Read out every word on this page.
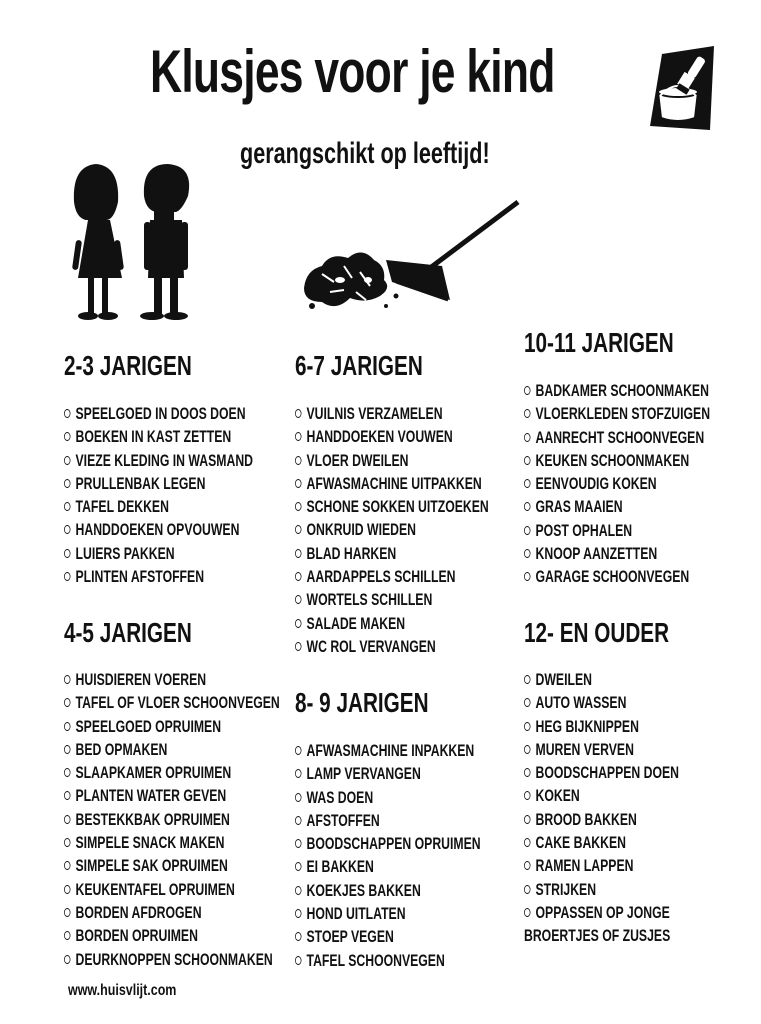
Klusjes voor je kind
gerangschikt op leeftijd!
2-3 JARIGEN
SPEELGOED IN DOOS DOEN
BOEKEN IN KAST ZETTEN
VIEZE KLEDING IN WASMAND
PRULLENBAK LEGEN
TAFEL DEKKEN
HANDDOEKEN OPVOUWEN
LUIERS PAKKEN
PLINTEN AFSTOFFEN
4-5 JARIGEN
HUISDIEREN VOEREN
TAFEL OF VLOER SCHOONVEGEN
SPEELGOED OPRUIMEN
BED OPMAKEN
SLAAPKAMER OPRUIMEN
PLANTEN WATER GEVEN
BESTEKKBAK OPRUIMEN
SIMPELE SNACK MAKEN
SIMPELE SAK OPRUIMEN
KEUKENTAFEL OPRUIMEN
BORDEN AFDROGEN
BORDEN OPRUIMEN
DEURKNOPPEN SCHOONMAKEN
6-7 JARIGEN
VUILNIS VERZAMELEN
HANDDOEKEN VOUWEN
VLOER DWEILEN
AFWASMACHINE UITPAKKEN
SCHONE SOKKEN UITZOEKEN
ONKRUID WIEDEN
BLAD HARKEN
AARDAPPELS SCHILLEN
WORTELS SCHILLEN
SALADE MAKEN
WC ROL VERVANGEN
8- 9 JARIGEN
AFWASMACHINE INPAKKEN
LAMP VERVANGEN
WAS DOEN
AFSTOFFEN
BOODSCHAPPEN OPRUIMEN
EI BAKKEN
KOEKJES BAKKEN
HOND UITLATEN
STOEP VEGEN
TAFEL SCHOONVEGEN
10-11 JARIGEN
BADKAMER SCHOONMAKEN
VLOERKLEDEN STOFZUIGEN
AANRECHT SCHOONVEGEN
KEUKEN SCHOONMAKEN
EENVOUDIG KOKEN
GRAS MAAIEN
POST OPHALEN
KNOOP AANZETTEN
GARAGE SCHOONVEGEN
12- EN OUDER
DWEILEN
AUTO WASSEN
HEG BIJKNIPPEN
MUREN VERVEN
BOODSCHAPPEN DOEN
KOKEN
BROOD BAKKEN
CAKE BAKKEN
RAMEN LAPPEN
STRIJKEN
OPPASSEN OP JONGE
BROERTJES OF ZUSJES
www.huisvlijt.com
